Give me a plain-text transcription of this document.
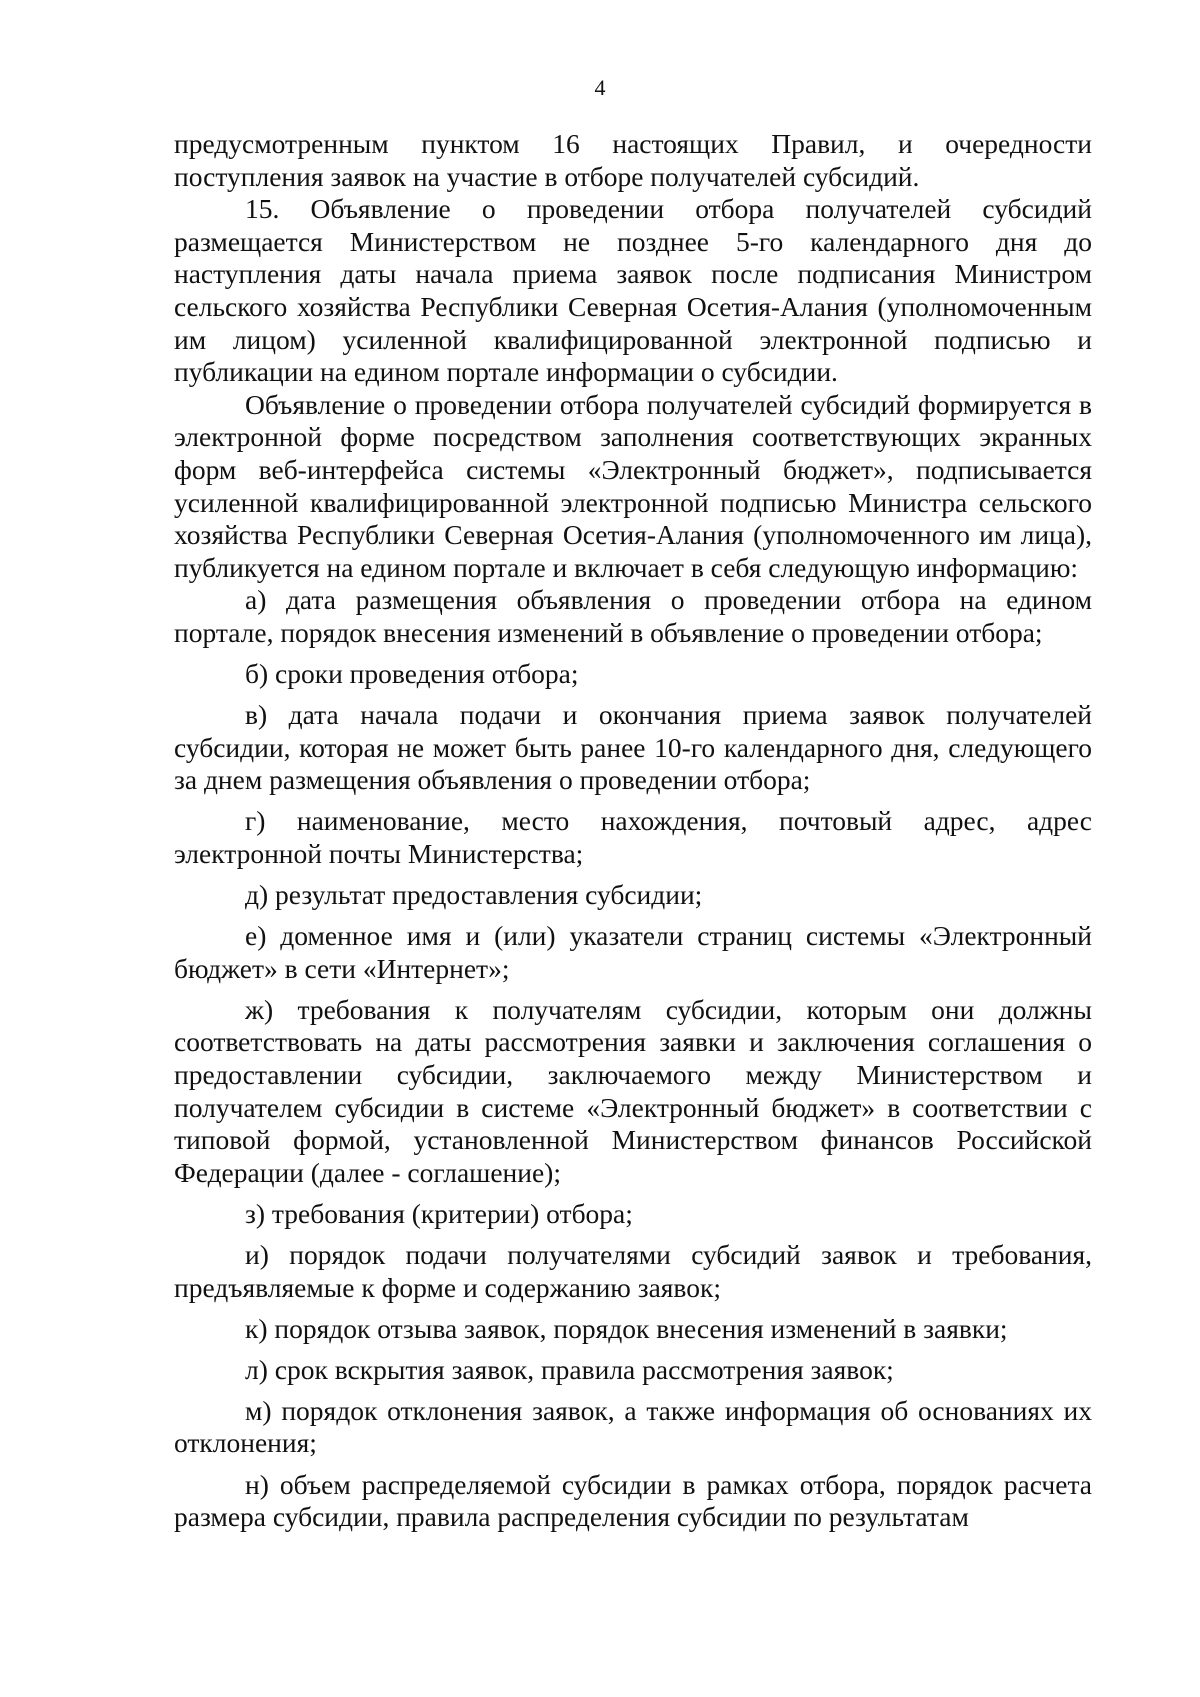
4

предусмотренным пунктом 16 настоящих Правил, и очередности поступления заявок на участие в отборе получателей субсидий.

15. Объявление о проведении отбора получателей субсидий размещается Министерством не позднее 5-го календарного дня до наступления даты начала приема заявок после подписания Министром сельского хозяйства Республики Северная Осетия-Алания (уполномоченным им лицом) усиленной квалифицированной электронной подписью и публикации на едином портале информации о субсидии.

Объявление о проведении отбора получателей субсидий формируется в электронной форме посредством заполнения соответствующих экранных форм веб-интерфейса системы «Электронный бюджет», подписывается усиленной квалифицированной электронной подписью Министра сельского хозяйства Республики Северная Осетия-Алания (уполномоченного им лица), публикуется на едином портале и включает в себя следующую информацию:

а) дата размещения объявления о проведении отбора на едином портале, порядок внесения изменений в объявление о проведении отбора;

б) сроки проведения отбора;

в) дата начала подачи и окончания приема заявок получателей субсидии, которая не может быть ранее 10-го календарного дня, следующего за днем размещения объявления о проведении отбора;

г) наименование, место нахождения, почтовый адрес, адрес электронной почты Министерства;

д) результат предоставления субсидии;

е) доменное имя и (или) указатели страниц системы «Электронный бюджет» в сети «Интернет»;

ж) требования к получателям субсидии, которым они должны соответствовать на даты рассмотрения заявки и заключения соглашения о предоставлении субсидии, заключаемого между Министерством и получателем субсидии в системе «Электронный бюджет» в соответствии с типовой формой, установленной Министерством финансов Российской Федерации (далее - соглашение);

з) требования (критерии) отбора;

и) порядок подачи получателями субсидий заявок и требования, предъявляемые к форме и содержанию заявок;

к) порядок отзыва заявок, порядок внесения изменений в заявки;

л) срок вскрытия заявок, правила рассмотрения заявок;

м) порядок отклонения заявок, а также информация об основаниях их отклонения;

н) объем распределяемой субсидии в рамках отбора, порядок расчета размера субсидии, правила распределения субсидии по результатам
